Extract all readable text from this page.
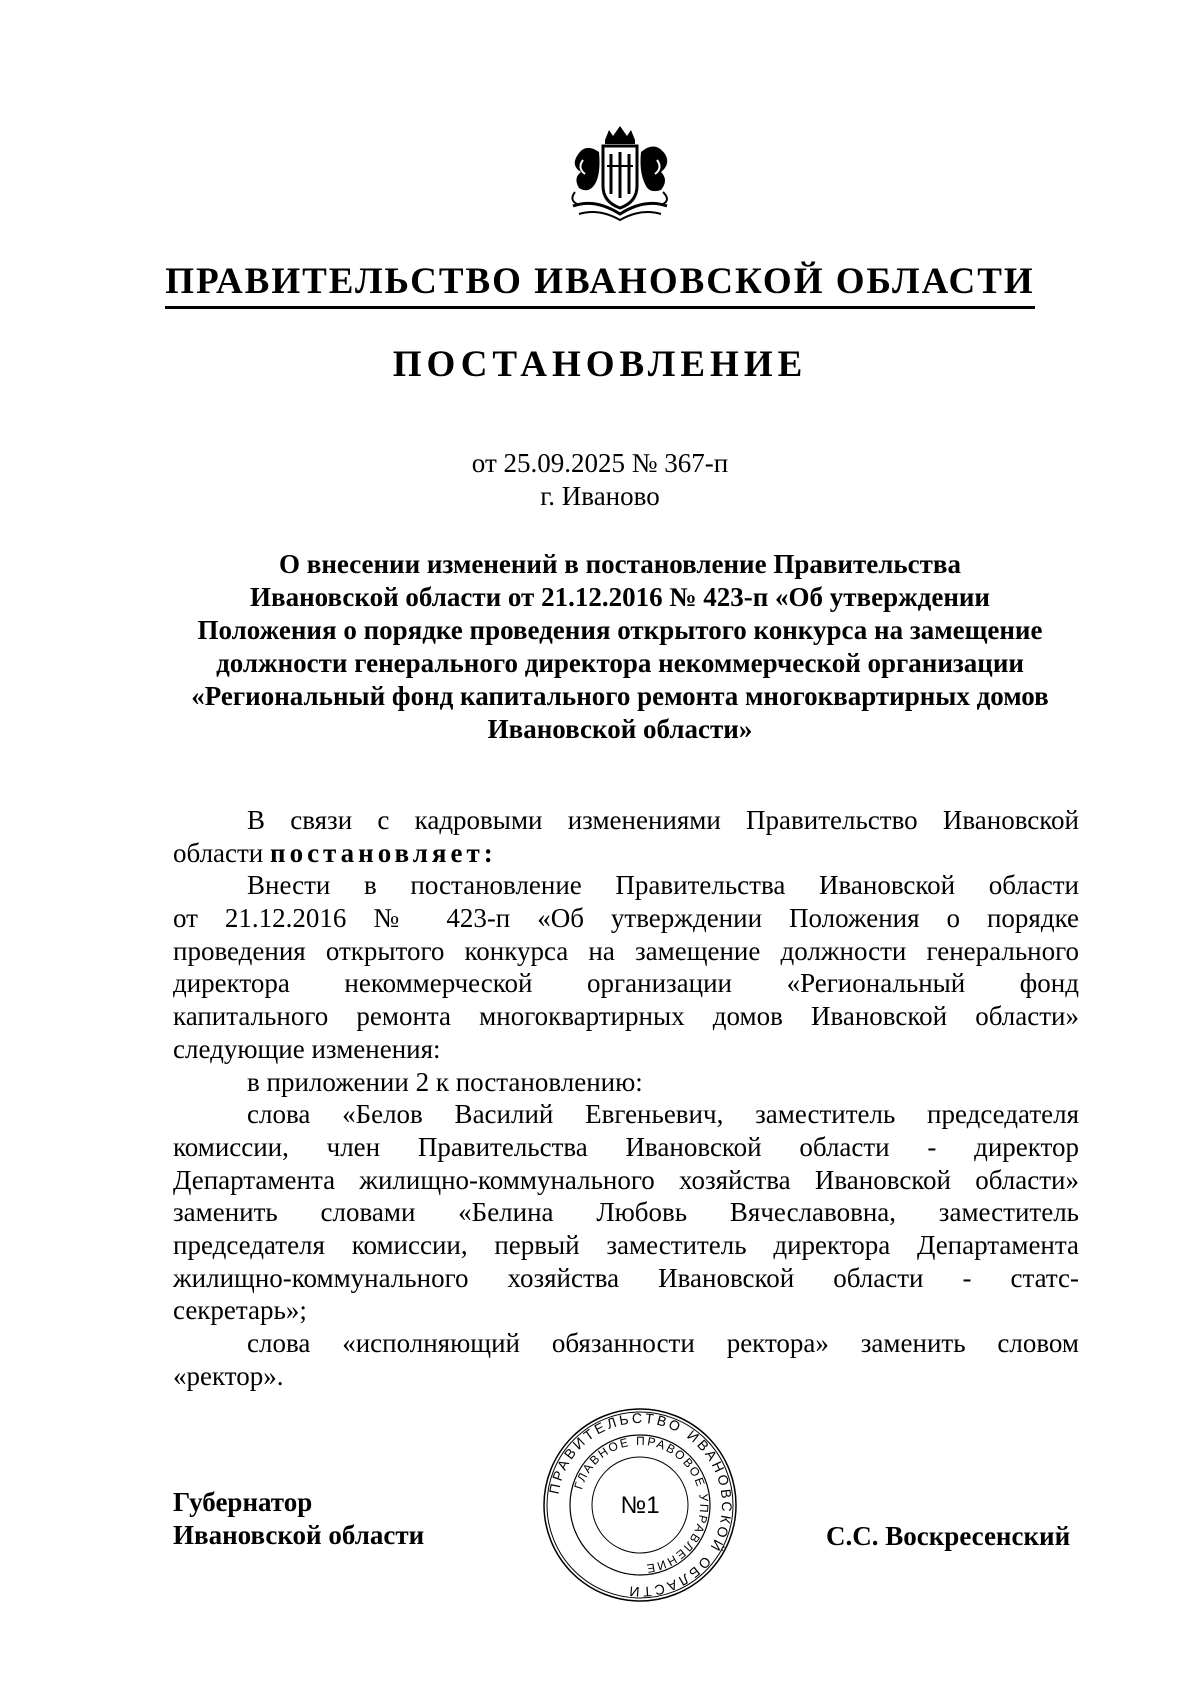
ПРАВИТЕЛЬСТВО ИВАНОВСКОЙ ОБЛАСТИ
ПОСТАНОВЛЕНИЕ
от 25.09.2025 № 367-п
г. Иваново
О внесении изменений в постановление Правительства
Ивановской области от 21.12.2016 № 423-п «Об утверждении
Положения о порядке проведения открытого конкурса на замещение
должности генерального директора некоммерческой организации
«Региональный фонд капитального ремонта многоквартирных домов
Ивановской области»
В связи с кадровыми изменениями Правительство Ивановской
области постановляет:
Внести в постановление Правительства Ивановской области
от 21.12.2016 № 423-п «Об утверждении Положения о порядке
проведения открытого конкурса на замещение должности генерального
директора некоммерческой организации «Региональный фонд
капитального ремонта многоквартирных домов Ивановской области»
следующие изменения:
в приложении 2 к постановлению:
слова «Белов Василий Евгеньевич, заместитель председателя
комиссии, член Правительства Ивановской области - директор
Департамента жилищно-коммунального хозяйства Ивановской области»
заменить словами «Белина Любовь Вячеславовна, заместитель
председателя комиссии, первый заместитель директора Департамента
жилищно-коммунального хозяйства Ивановской области - статс-
секретарь»;
слова «исполняющий обязанности ректора» заменить словом
«ректор».
Губернатор
Ивановской области	С.С. Воскресенский
ПРАВИТЕЛЬСТВО ИВАНОВСКОЙ ОБЛАСТИ
ГЛАВНОЕ ПРАВОВОЕ УПРАВЛЕНИЕ
№1
